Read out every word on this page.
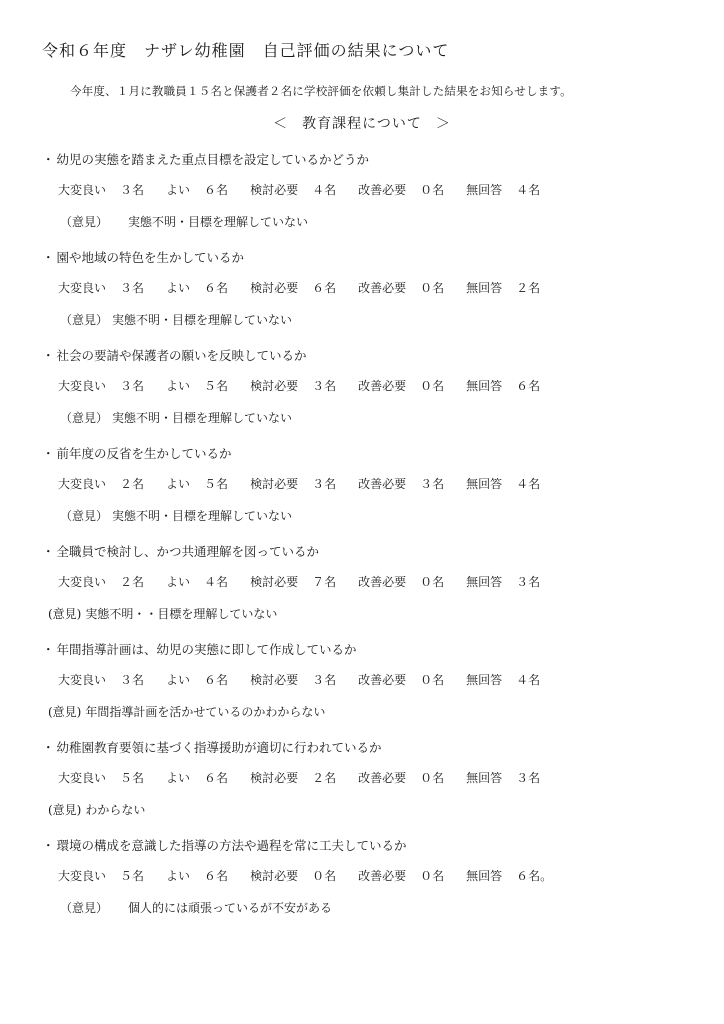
令和６年度　ナザレ幼稚園　自己評価の結果について
今年度、１月に教職員１５名と保護者２名に学校評価を依頼し集計した結果をお知らせします。
＜ 教育課程について ＞
・ 幼児の実態を踏まえた重点目標を設定しているかどうか
大変良い ３名 よい ６名 検討必要 ４名 改善必要 ０名 無回答 ４名
（意見） 実態不明・目標を理解していない
・ 園や地域の特色を生かしているか
大変良い ３名 よい ６名 検討必要 ６名 改善必要 ０名 無回答 ２名
（意見） 実態不明・目標を理解していない
・ 社会の要請や保護者の願いを反映しているか
大変良い ３名 よい ５名 検討必要 ３名 改善必要 ０名 無回答 ６名
（意見） 実態不明・目標を理解していない
・ 前年度の反省を生かしているか
大変良い ２名 よい ５名 検討必要 ３名 改善必要 ３名 無回答 ４名
（意見） 実態不明・目標を理解していない
・ 全職員で検討し、かつ共通理解を図っているか
大変良い ２名 よい ４名 検討必要 ７名 改善必要 ０名 無回答 ３名
(意見) 実態不明・・目標を理解していない
・ 年間指導計画は、幼児の実態に即して作成しているか
大変良い ３名 よい ６名 検討必要 ３名 改善必要 ０名 無回答 ４名
(意見) 年間指導計画を活かせているのかわからない
・ 幼稚園教育要領に基づく指導援助が適切に行われているか
大変良い ５名 よい ６名 検討必要 ２名 改善必要 ０名 無回答 ３名
(意見) わからない
・ 環境の構成を意識した指導の方法や過程を常に工夫しているか
大変良い ５名 よい ６名 検討必要 ０名 改善必要 ０名 無回答 ６名。
（意見） 個人的には頑張っているが不安がある
